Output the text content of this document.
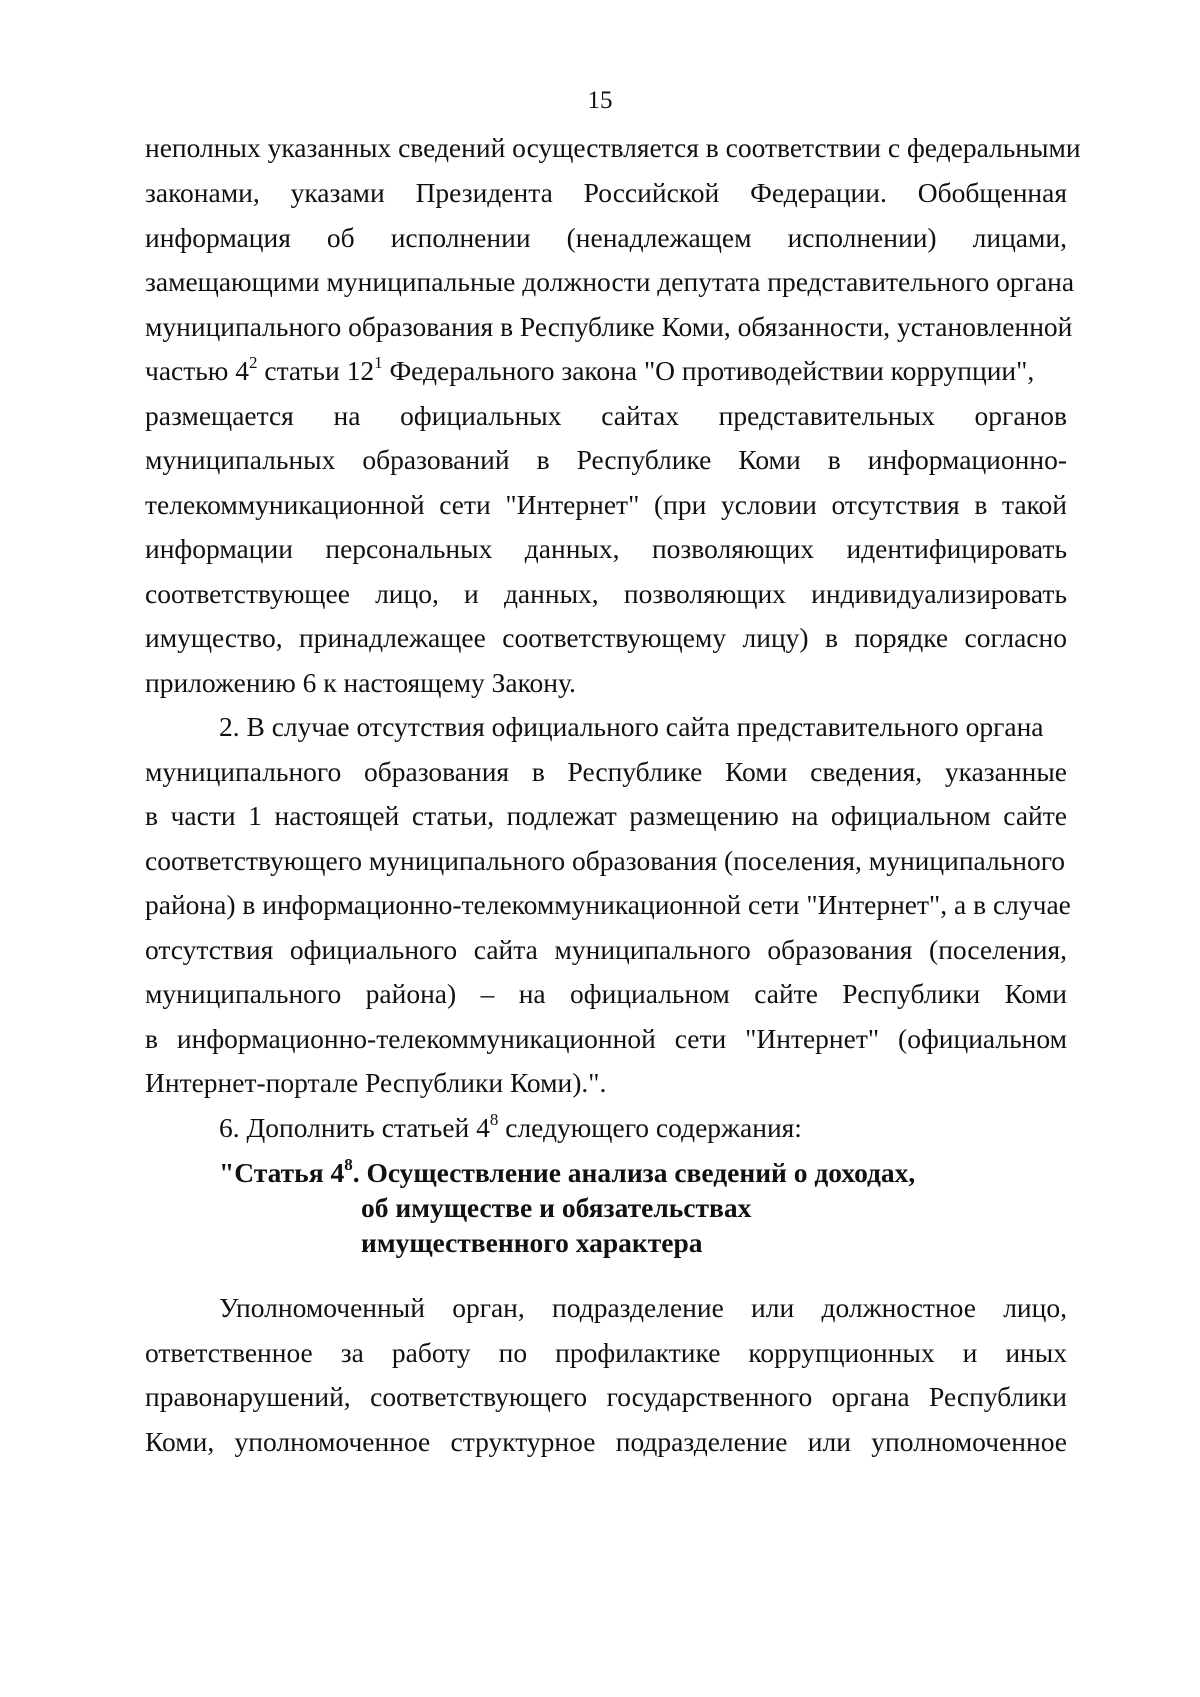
15
неполных указанных сведений осуществляется в соответствии с федеральными
законами, указами Президента Российской Федерации. Обобщенная
информация об исполнении (ненадлежащем исполнении) лицами,
замещающими муниципальные должности депутата представительного органа
муниципального образования в Республике Коми, обязанности, установленной
частью $4^2$ статьи $12^1$ Федерального закона "О противодействии коррупции",
размещается на официальных сайтах представительных органов
муниципальных образований в Республике Коми в информационно-
телекоммуникационной сети "Интернет" (при условии отсутствия в такой
информации персональных данных, позволяющих идентифицировать
соответствующее лицо, и данных, позволяющих индивидуализировать
имущество, принадлежащее соответствующему лицу) в порядке согласно
приложению 6 к настоящему Закону.
2. В случае отсутствия официального сайта представительного органа
муниципального образования в Республике Коми сведения, указанные
в части 1 настоящей статьи, подлежат размещению на официальном сайте
соответствующего муниципального образования (поселения, муниципального
района) в информационно-телекоммуникационной сети "Интернет", а в случае
отсутствия официального сайта муниципального образования (поселения,
муниципального района) – на официальном сайте Республики Коми
в информационно-телекоммуникационной сети "Интернет" (официальном
Интернет-портале Республики Коми).".
6. Дополнить статьей $4^8$ следующего содержания:
"Статья $4^8$. Осуществление анализа сведений о доходах,
об имуществе и обязательствах
имущественного характера
Уполномоченный орган, подразделение или должностное лицо,
ответственное за работу по профилактике коррупционных и иных
правонарушений, соответствующего государственного органа Республики
Коми, уполномоченное структурное подразделение или уполномоченное
